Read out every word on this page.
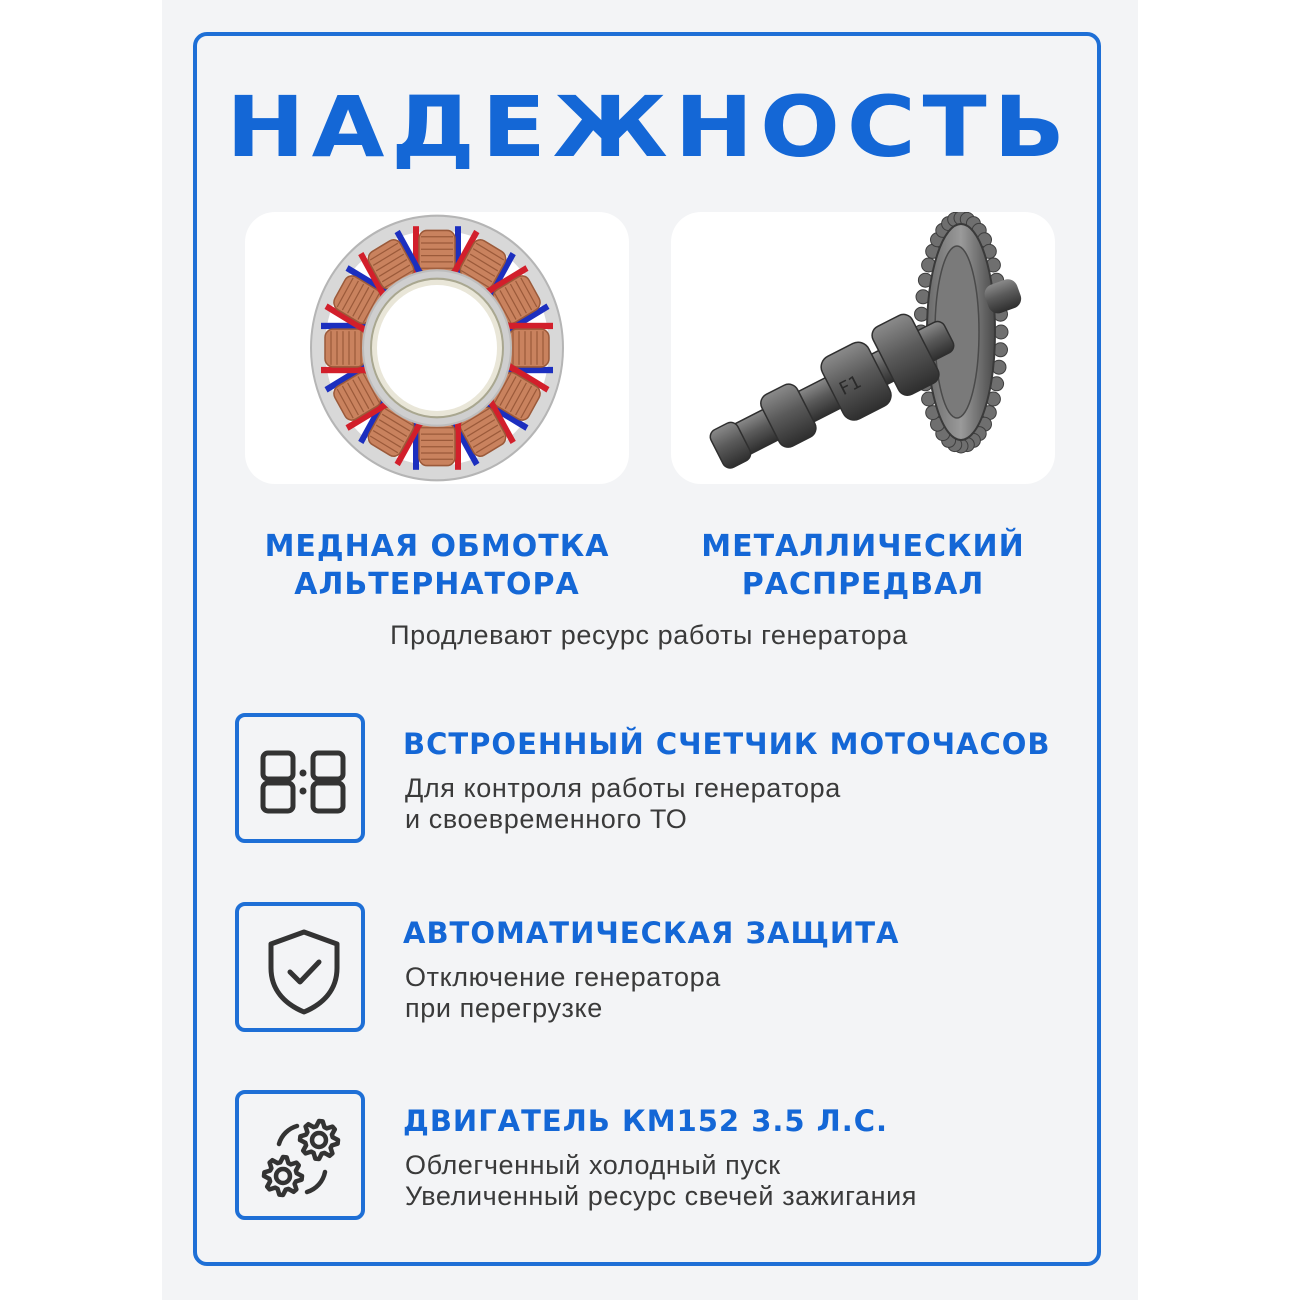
НАДЕЖНОСТЬ
F1
МЕДНАЯ ОБМОТКА
АЛЬТЕРНАТОРА
МЕТАЛЛИЧЕСКИЙ
РАСПРЕДВАЛ
Продлевают ресурс работы генератора
ВСТРОЕННЫЙ СЧЕТЧИК МОТОЧАСОВ
Для контроля работы генератора
и своевременного ТО
АВТОМАТИЧЕСКАЯ ЗАЩИТА
Отключение генератора
при перегрузке
ДВИГАТЕЛЬ КМ152 3.5 Л.С.
Облегченный холодный пуск
Увеличенный ресурс свечей зажигания
